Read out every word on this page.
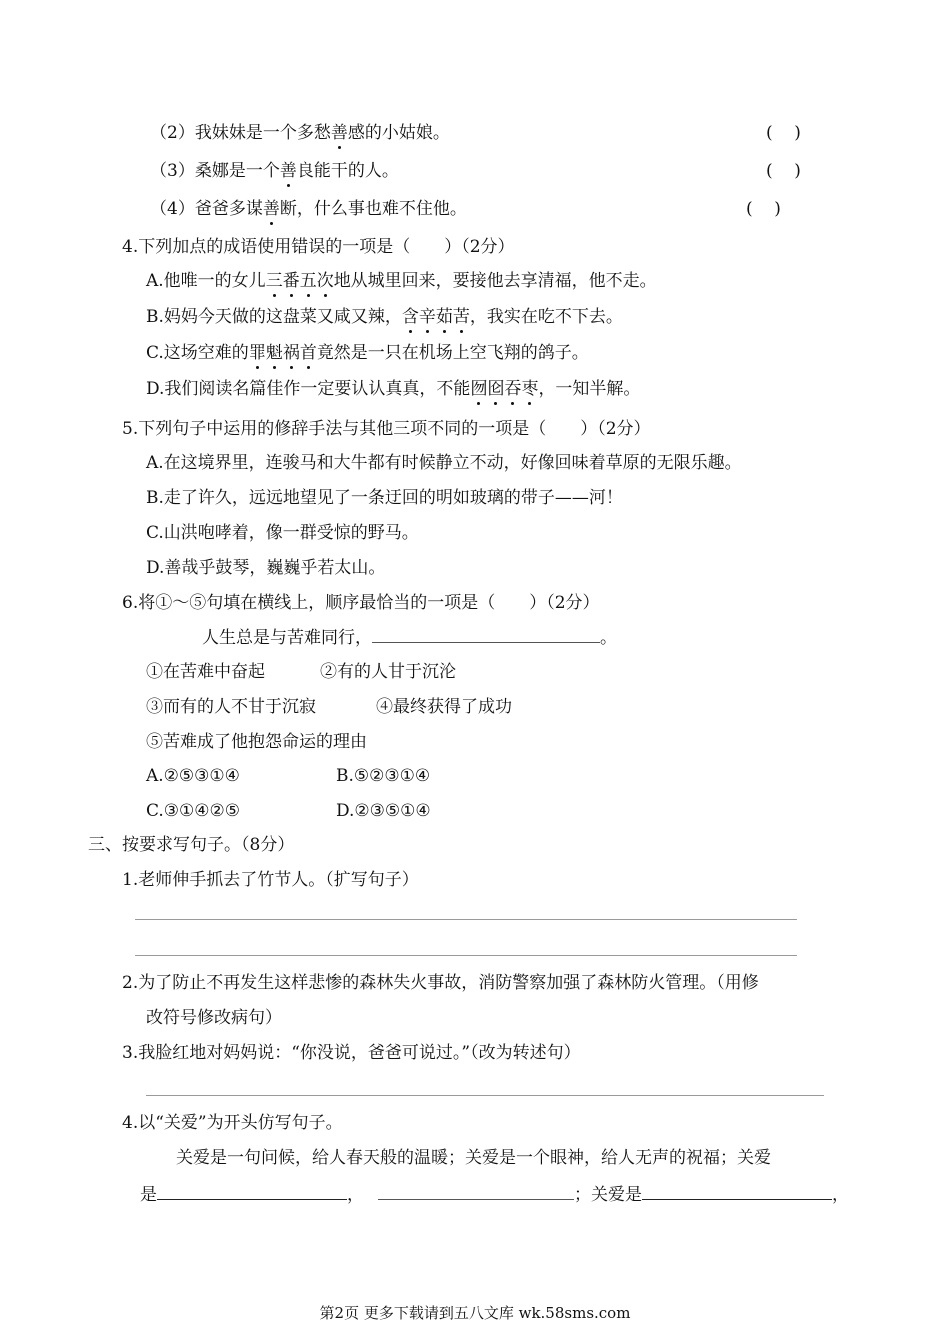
（2）我妹妹是一个多愁善感的小姑娘。	(    )
（3）桑娜是一个善良能干的人。	(    )
（4）爸爸多谋善断，什么事也难不住他。	(    )
4.下列加点的成语使用错误的一项是（　　）（2分）
A.他唯一的女儿三番五次地从城里回来，要接他去享清福，他不走。
B.妈妈今天做的这盘菜又咸又辣，含辛茹苦，我实在吃不下去。
C.这场空难的罪魁祸首竟然是一只在机场上空飞翔的鸽子。
D.我们阅读名篇佳作一定要认认真真，不能囫囵吞枣，一知半解。
5.下列句子中运用的修辞手法与其他三项不同的一项是（　　）（2分）
A.在这境界里，连骏马和大牛都有时候静立不动，好像回味着草原的无限乐趣。
B.走了许久，远远地望见了一条迂回的明如玻璃的带子——河！
C.山洪咆哮着，像一群受惊的野马。
D.善哉乎鼓琴，巍巍乎若太山。
6.将①～⑤句填在横线上，顺序最恰当的一项是（　　）（2分）
人生总是与苦难同行，	。
①在苦难中奋起	②有的人甘于沉沦
③而有的人不甘于沉寂	④最终获得了成功
⑤苦难成了他抱怨命运的理由
A.②⑤③①④	B.⑤②③①④
C.③①④②⑤	D.②③⑤①④
三、按要求写句子。（8分）
1.老师伸手抓去了竹节人。（扩写句子）
2.为了防止不再发生这样悲惨的森林失火事故，消防警察加强了森林防火管理。（用修
改符号修改病句）
3.我脸红地对妈妈说：“你没说，爸爸可说过。”（改为转述句）
4.以“关爱”为开头仿写句子。
关爱是一句问候，给人春天般的温暖；关爱是一个眼神，给人无声的祝福；关爱
是	，	；关爱是	，
第2页 更多下载请到五八文库 wk.58sms.com
